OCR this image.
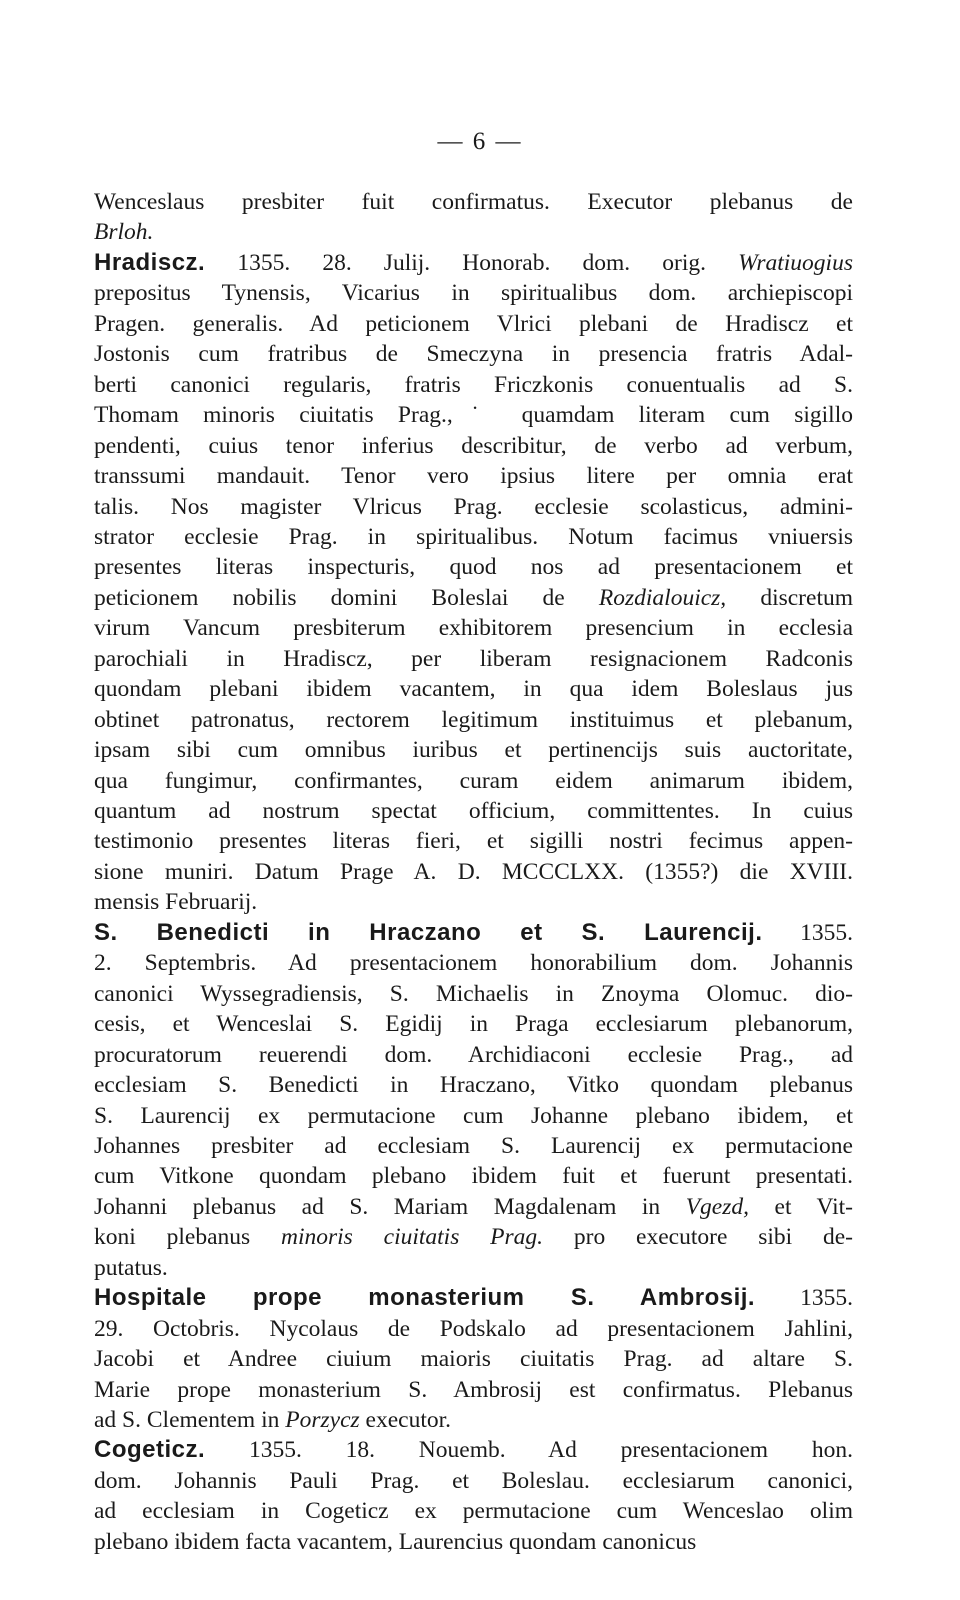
— 6 —
Wenceslaus presbiter fuit confirmatus. Executor plebanus de
Brloh.
Hradiscz. 1355. 28. Julij. Honorab. dom. orig. Wratiuogius
prepositus Tynensis, Vicarius in spiritualibus dom. archiepiscopi
Pragen. generalis. Ad peticionem Vlrici plebani de Hradiscz et
Jostonis cum fratribus de Smeczyna in presencia fratris Adal-
berti canonici regularis, fratris Friczkonis conuentualis ad S.
Thomam minoris ciuitatis Prag.,˙ quamdam literam cum sigillo
pendenti, cuius tenor inferius describitur, de verbo ad verbum,
transsumi mandauit. Tenor vero ipsius litere per omnia erat
talis. Nos magister Vlricus Prag. ecclesie scolasticus, admini-
strator ecclesie Prag. in spiritualibus. Notum facimus vniuersis
presentes literas inspecturis, quod nos ad presentacionem et
peticionem nobilis domini Boleslai de Rozdialouicz, discretum
virum Vancum presbiterum exhibitorem presencium in ecclesia
parochiali in Hradiscz, per liberam resignacionem Radconis
quondam plebani ibidem vacantem, in qua idem Boleslaus jus
obtinet patronatus, rectorem legitimum instituimus et plebanum,
ipsam sibi cum omnibus iuribus et pertinencijs suis auctoritate,
qua fungimur, confirmantes, curam eidem animarum ibidem,
quantum ad nostrum spectat officium, committentes. In cuius
testimonio presentes literas fieri, et sigilli nostri fecimus appen-
sione muniri. Datum Prage A. D. MCCCLXX. (1355?) die XVIII.
mensis Februarij.
S. Benedicti in Hraczano et S. Laurencij. 1355.
2. Septembris. Ad presentacionem honorabilium dom. Johannis
canonici Wyssegradiensis, S. Michaelis in Znoyma Olomuc. dio-
cesis, et Wenceslai S. Egidij in Praga ecclesiarum plebanorum,
procuratorum reuerendi dom. Archidiaconi ecclesie Prag., ad
ecclesiam S. Benedicti in Hraczano, Vitko quondam plebanus
S. Laurencij ex permutacione cum Johanne plebano ibidem, et
Johannes presbiter ad ecclesiam S. Laurencij ex permutacione
cum Vitkone quondam plebano ibidem fuit et fuerunt presentati.
Johanni plebanus ad S. Mariam Magdalenam in Vgezd, et Vit-
koni plebanus minoris ciuitatis Prag. pro executore sibi de-
putatus.
Hospitale prope monasterium S. Ambrosij. 1355.
29. Octobris. Nycolaus de Podskalo ad presentacionem Jahlini,
Jacobi et Andree ciuium maioris ciuitatis Prag. ad altare S.
Marie prope monasterium S. Ambrosij est confirmatus. Plebanus
ad S. Clementem in Porzycz executor.
Cogeticz. 1355. 18. Nouemb. Ad presentacionem hon.
dom. Johannis Pauli Prag. et Boleslau. ecclesiarum canonici,
ad ecclesiam in Cogeticz ex permutacione cum Wenceslao olim
plebano ibidem facta vacantem, Laurencius quondam canonicus
